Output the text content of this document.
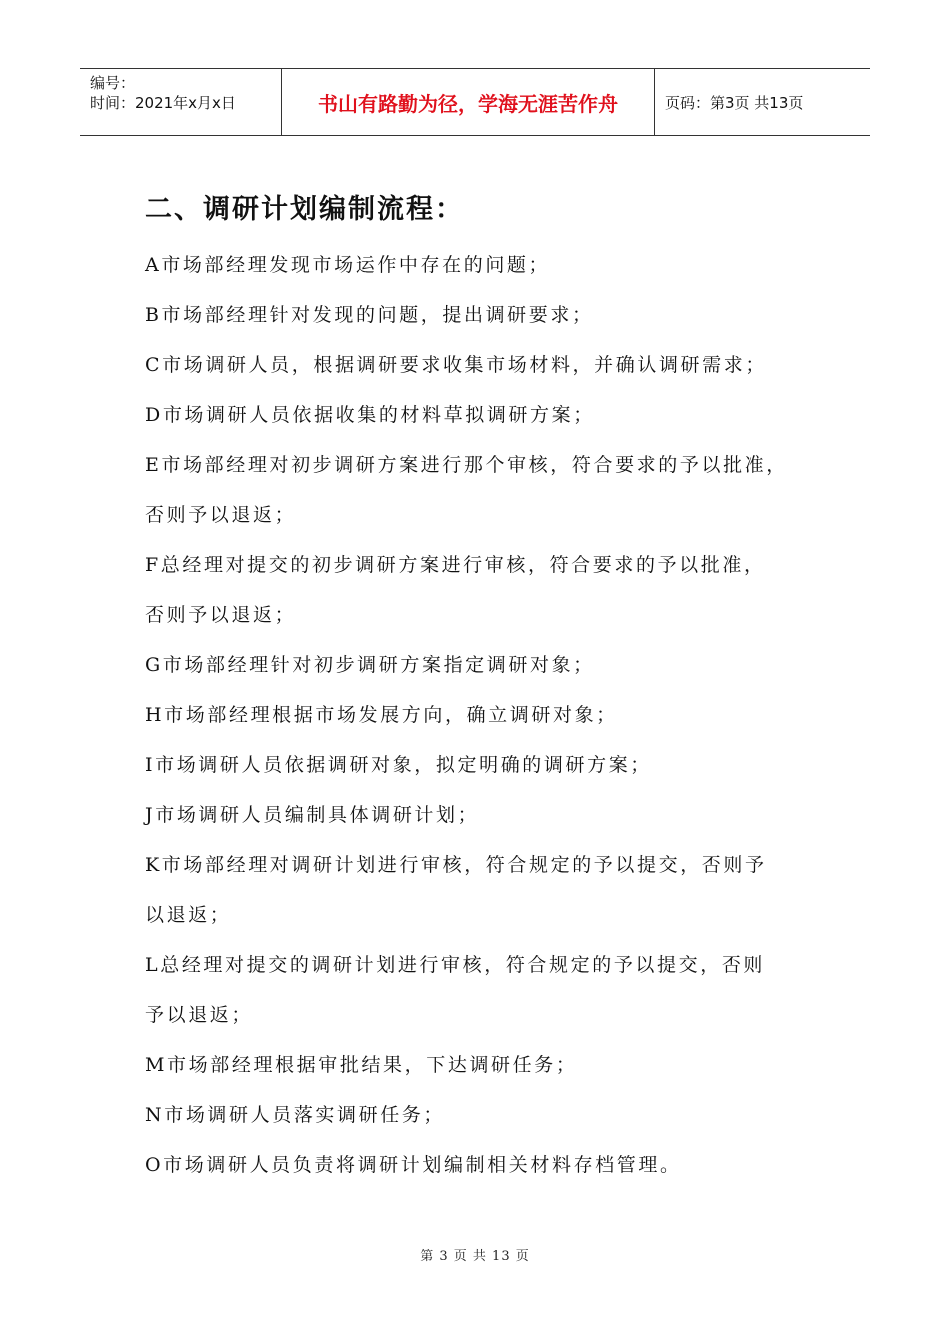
编号：
时间：2021年x月x日	书山有路勤为径，学海无涯苦作舟	页码：第3页 共13页
二、调研计划编制流程：
A市场部经理发现市场运作中存在的问题；
B市场部经理针对发现的问题，提出调研要求；
C市场调研人员，根据调研要求收集市场材料，并确认调研需求；
D市场调研人员依据收集的材料草拟调研方案；
E市场部经理对初步调研方案进行那个审核，符合要求的予以批准，
否则予以退返；
F总经理对提交的初步调研方案进行审核，符合要求的予以批准，
否则予以退返；
G市场部经理针对初步调研方案指定调研对象；
H市场部经理根据市场发展方向，确立调研对象；
I市场调研人员依据调研对象，拟定明确的调研方案；
J市场调研人员编制具体调研计划；
K市场部经理对调研计划进行审核，符合规定的予以提交，否则予
以退返；
L总经理对提交的调研计划进行审核，符合规定的予以提交，否则
予以退返；
M市场部经理根据审批结果，下达调研任务；
N市场调研人员落实调研任务；
O市场调研人员负责将调研计划编制相关材料存档管理。
第 3 页 共 13 页
